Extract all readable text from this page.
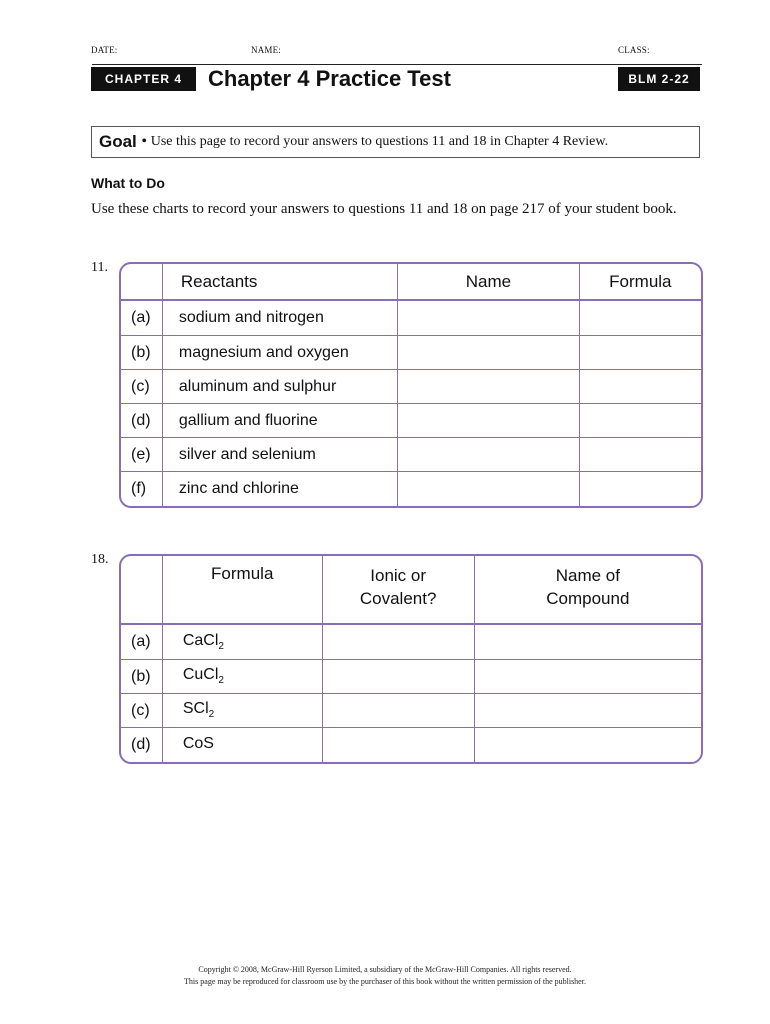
DATE:	NAME:	CLASS:
CHAPTER 4	Chapter 4 Practice Test	BLM 2-22
Goal • Use this page to record your answers to questions 11 and 18 in Chapter 4 Review.
What to Do
Use these charts to record your answers to questions 11 and 18 on page 217 of your student book.
11.
	Reactants	Name	Formula
(a)	sodium and nitrogen		
(b)	magnesium and oxygen		
(c)	aluminum and sulphur		
(d)	gallium and fluorine		
(e)	silver and selenium		
(f)	zinc and chlorine		
18.
	Formula	Ionic or Covalent?	Name of Compound

(a)	CaCl$_2$		
(b)	CuCl$_2$		
(c)	SCl$_2$		
(d)	CoS		
Copyright © 2008, McGraw-Hill Ryerson Limited, a subsidiary of the McGraw-Hill Companies. All rights reserved.
This page may be reproduced for classroom use by the purchaser of this book without the written permission of the publisher.
